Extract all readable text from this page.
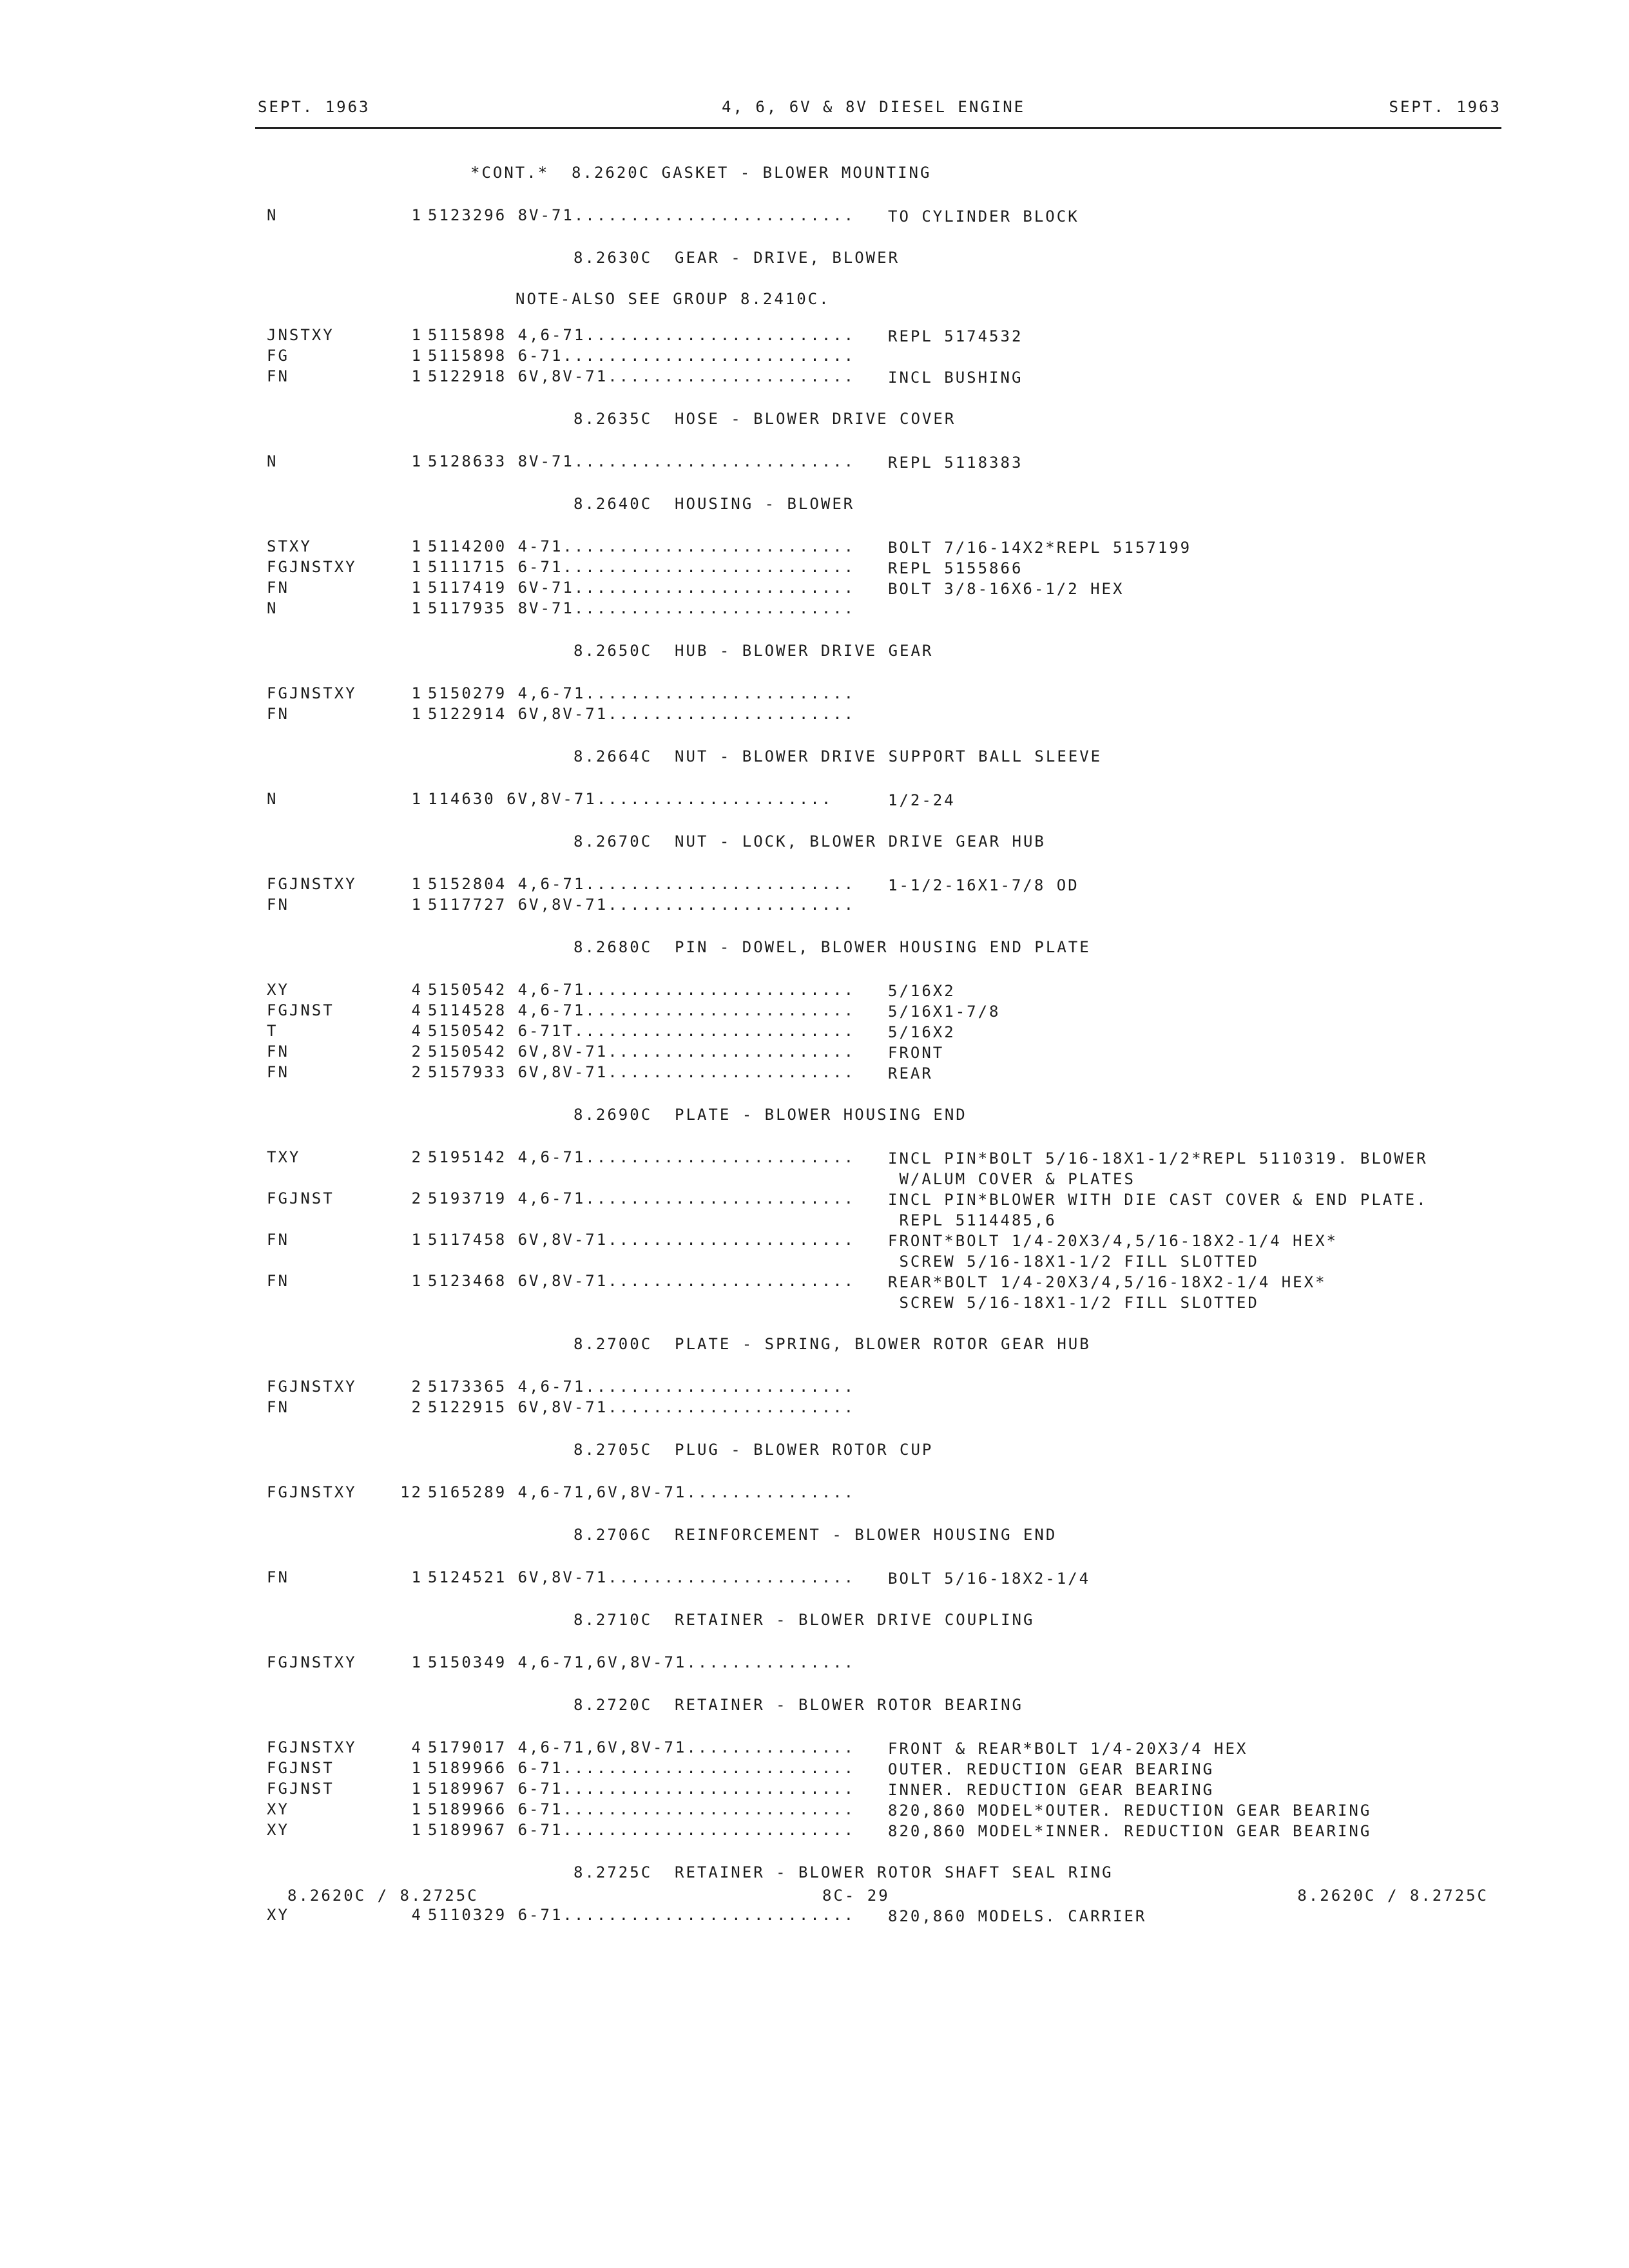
SEPT. 1963	4, 6, 6V & 8V DIESEL ENGINE	SEPT. 1963
*CONT.*  8.2620C GASKET - BLOWER MOUNTING
N	1 5123296 8V-71......................... TO CYLINDER BLOCK
8.2630C  GEAR - DRIVE, BLOWER
NOTE-ALSO SEE GROUP 8.2410C.
JNSTXY	1 5115898 4,6-71........................ REPL 5174532
FG	1 5115898 6-71..........................
FN	1 5122918 6V,8V-71...................... INCL BUSHING
8.2635C  HOSE - BLOWER DRIVE COVER
N	1 5128633 8V-71......................... REPL 5118383
8.2640C  HOUSING - BLOWER
STXY	1 5114200 4-71.......................... BOLT 7/16-14X2*REPL 5157199
FGJNSTXY	1 5111715 6-71.......................... REPL 5155866
FN	1 5117419 6V-71......................... BOLT 3/8-16X6-1/2 HEX
N	1 5117935 8V-71.........................
8.2650C  HUB - BLOWER DRIVE GEAR
FGJNSTXY	1 5150279 4,6-71........................
FN	1 5122914 6V,8V-71......................
8.2664C  NUT - BLOWER DRIVE SUPPORT BALL SLEEVE
N	1 114630 6V,8V-71.....................	1/2-24
8.2670C  NUT - LOCK, BLOWER DRIVE GEAR HUB
FGJNSTXY	1 5152804 4,6-71........................ 1-1/2-16X1-7/8 OD
FN	1 5117727 6V,8V-71......................
8.2680C  PIN - DOWEL, BLOWER HOUSING END PLATE
XY	4 5150542 4,6-71........................ 5/16X2
FGJNST	4 5114528 4,6-71........................ 5/16X1-7/8
T	4 5150542 6-71T......................... 5/16X2
FN	2 5150542 6V,8V-71...................... FRONT
FN	2 5157933 6V,8V-71...................... REAR
8.2690C  PLATE - BLOWER HOUSING END
TXY	2 5195142 4,6-71........................ INCL PIN*BOLT 5/16-18X1-1/2*REPL 5110319. BLOWER
W/ALUM COVER & PLATES
FGJNST	2 5193719 4,6-71........................ INCL PIN*BLOWER WITH DIE CAST COVER & END PLATE.
REPL 5114485,6
FN	1 5117458 6V,8V-71...................... FRONT*BOLT 1/4-20X3/4,5/16-18X2-1/4 HEX*
SCREW 5/16-18X1-1/2 FILL SLOTTED
FN	1 5123468 6V,8V-71...................... REAR*BOLT 1/4-20X3/4,5/16-18X2-1/4 HEX*
SCREW 5/16-18X1-1/2 FILL SLOTTED
8.2700C  PLATE - SPRING, BLOWER ROTOR GEAR HUB
FGJNSTXY	2 5173365 4,6-71........................
FN	2 5122915 6V,8V-71......................
8.2705C  PLUG - BLOWER ROTOR CUP
FGJNSTXY	12 5165289 4,6-71,6V,8V-71...............
8.2706C  REINFORCEMENT - BLOWER HOUSING END
FN	1 5124521 6V,8V-71...................... BOLT 5/16-18X2-1/4
8.2710C  RETAINER - BLOWER DRIVE COUPLING
FGJNSTXY	1 5150349 4,6-71,6V,8V-71...............
8.2720C  RETAINER - BLOWER ROTOR BEARING
FGJNSTXY	4 5179017 4,6-71,6V,8V-71............... FRONT & REAR*BOLT 1/4-20X3/4 HEX
FGJNST	1 5189966 6-71.......................... OUTER. REDUCTION GEAR BEARING
FGJNST	1 5189967 6-71.......................... INNER. REDUCTION GEAR BEARING
XY	1 5189966 6-71.......................... 820,860 MODEL*OUTER. REDUCTION GEAR BEARING
XY	1 5189967 6-71.......................... 820,860 MODEL*INNER. REDUCTION GEAR BEARING
8.2725C  RETAINER - BLOWER ROTOR SHAFT SEAL RING
XY	4 5110329 6-71.......................... 820,860 MODELS. CARRIER
8.2620C / 8.2725C	8C- 29	8.2620C / 8.2725C
